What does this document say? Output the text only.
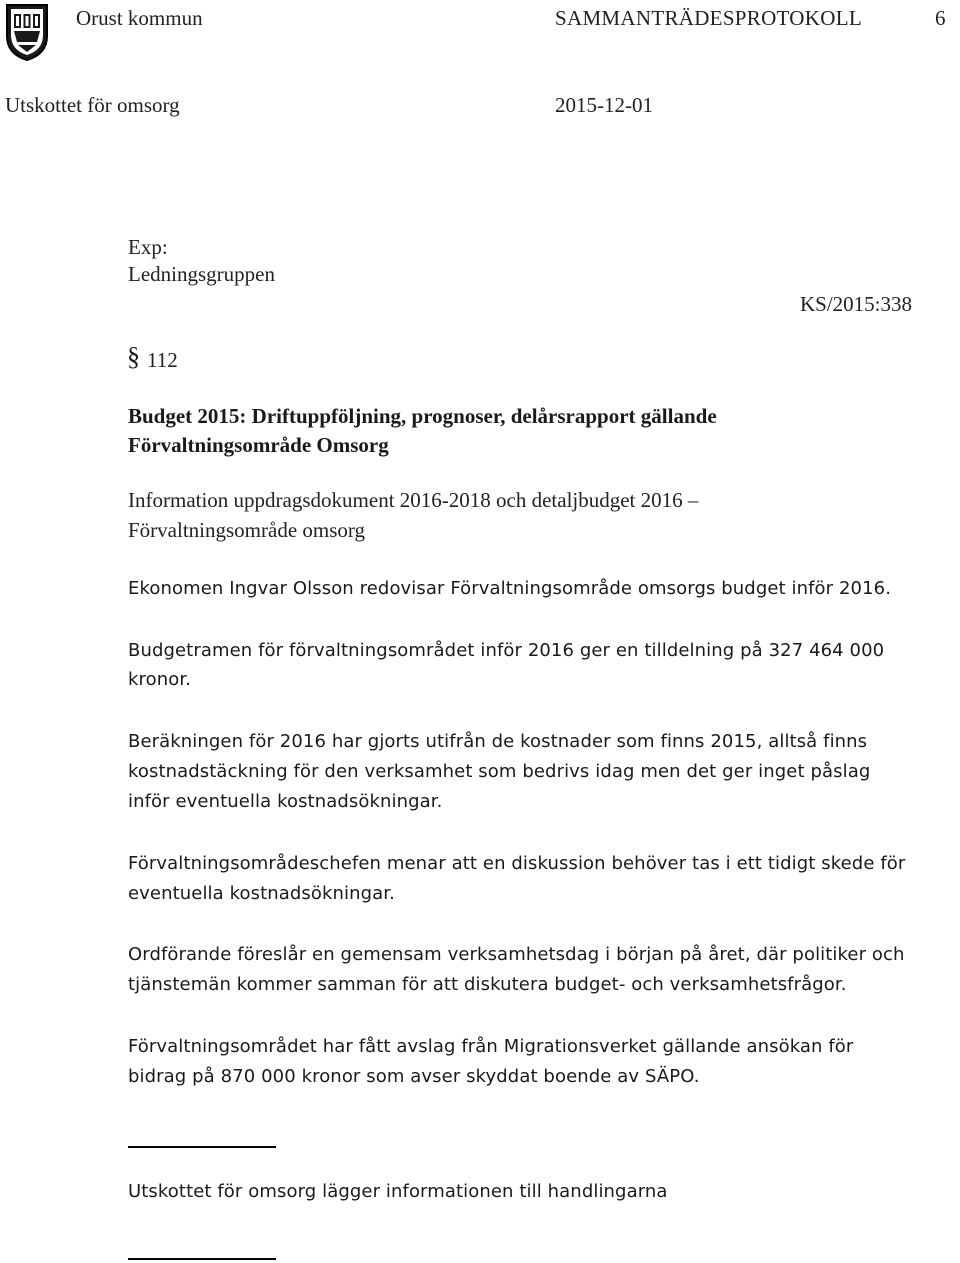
Orust kommun	SAMMANTRÄDESPROTOKOLL	6
Utskottet för omsorg	2015-12-01
Exp:
Ledningsgruppen
KS/2015:338
§ 112
Budget 2015: Driftuppföljning, prognoser, delårsrapport gällande
Förvaltningsområde Omsorg
Information uppdragsdokument 2016-2018 och detaljbudget 2016 –
Förvaltningsområde omsorg
Ekonomen Ingvar Olsson redovisar Förvaltningsområde omsorgs budget inför 2016.
Budgetramen för förvaltningsområdet inför 2016 ger en tilldelning på 327 464 000
kronor.
Beräkningen för 2016 har gjorts utifrån de kostnader som finns 2015, alltså finns
kostnadstäckning för den verksamhet som bedrivs idag men det ger inget påslag
inför eventuella kostnadsökningar.
Förvaltningsområdeschefen menar att en diskussion behöver tas i ett tidigt skede för
eventuella kostnadsökningar.
Ordförande föreslår en gemensam verksamhetsdag i början på året, där politiker och
tjänstemän kommer samman för att diskutera budget- och verksamhetsfrågor.
Förvaltningsområdet har fått avslag från Migrationsverket gällande ansökan för
bidrag på 870 000 kronor som avser skyddat boende av SÄPO.
Utskottet för omsorg lägger informationen till handlingarna
